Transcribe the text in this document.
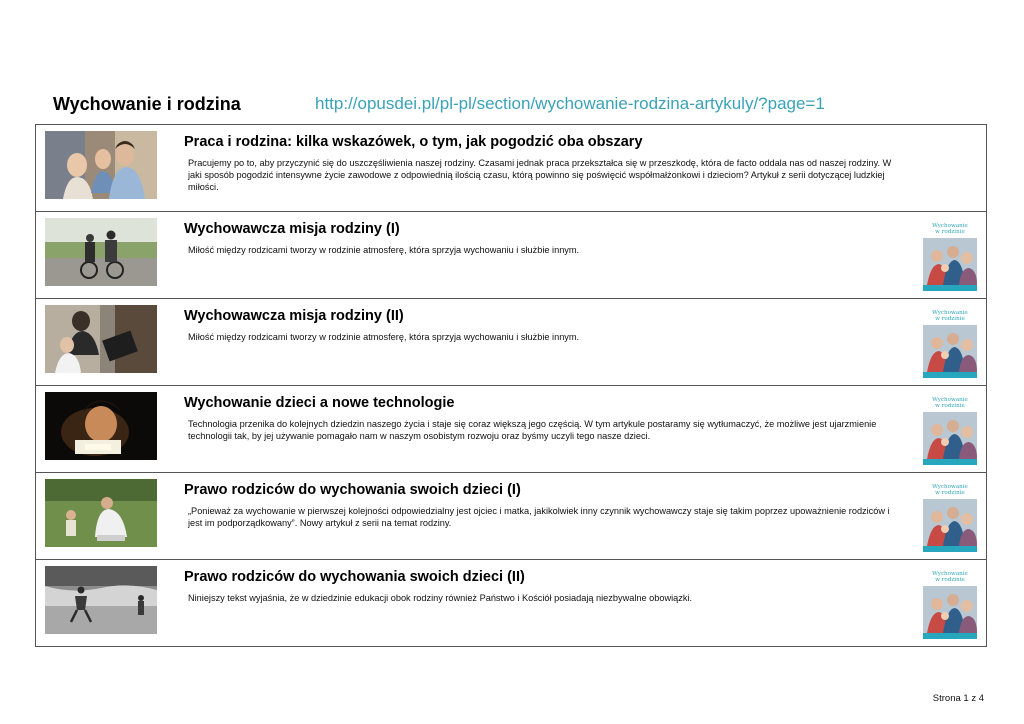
Wychowanie i rodzina	http://opusdei.pl/pl-pl/section/wychowanie-rodzina-artykuly/?page=1
Praca i rodzina: kilka wskazówek, o tym, jak pogodzić oba obszary
Pracujemy po to, aby przyczynić się do uszczęśliwienia naszej rodziny. Czasami jednak praca przekształca się w przeszkodę, która de facto oddala nas od naszej rodziny. W jaki sposób pogodzić intensywne życie zawodowe z odpowiednią ilością czasu, którą powinno się poświęcić współmałżonkowi i dzieciom? Artykuł z serii dotyczącej ludzkiej miłości.
Wychowawcza misja rodziny (I)
Miłość między rodzicami tworzy w rodzinie atmosferę, która sprzyja wychowaniu i służbie innym.
Wychowanie
w rodzinie
Wychowawcza misja rodziny (II)
Miłość między rodzicami tworzy w rodzinie atmosferę, która sprzyja wychowaniu i służbie innym.
Wychowanie
w rodzinie
Wychowanie dzieci a nowe technologie
Technologia przenika do kolejnych dziedzin naszego życia i staje się coraz większą jego częścią. W tym artykule postaramy się wytłumaczyć, że możliwe jest ujarzmienie technologii tak, by jej używanie pomagało nam w naszym osobistym rozwoju oraz byśmy uczyli tego nasze dzieci.
Wychowanie
w rodzinie
Prawo rodziców do wychowania swoich dzieci (I)
„Ponieważ za wychowanie w pierwszej kolejności odpowiedzialny jest ojciec i matka, jakikolwiek inny czynnik wychowawczy staje się takim poprzez upoważnienie rodziców i jest im podporządkowany”. Nowy artykuł z serii na temat rodziny.
Wychowanie
w rodzinie
Prawo rodziców do wychowania swoich dzieci (II)
Niniejszy tekst wyjaśnia, że w dziedzinie edukacji obok rodziny również Państwo i Kościół posiadają niezbywalne obowiązki.
Wychowanie
w rodzinie
Strona 1 z 4
